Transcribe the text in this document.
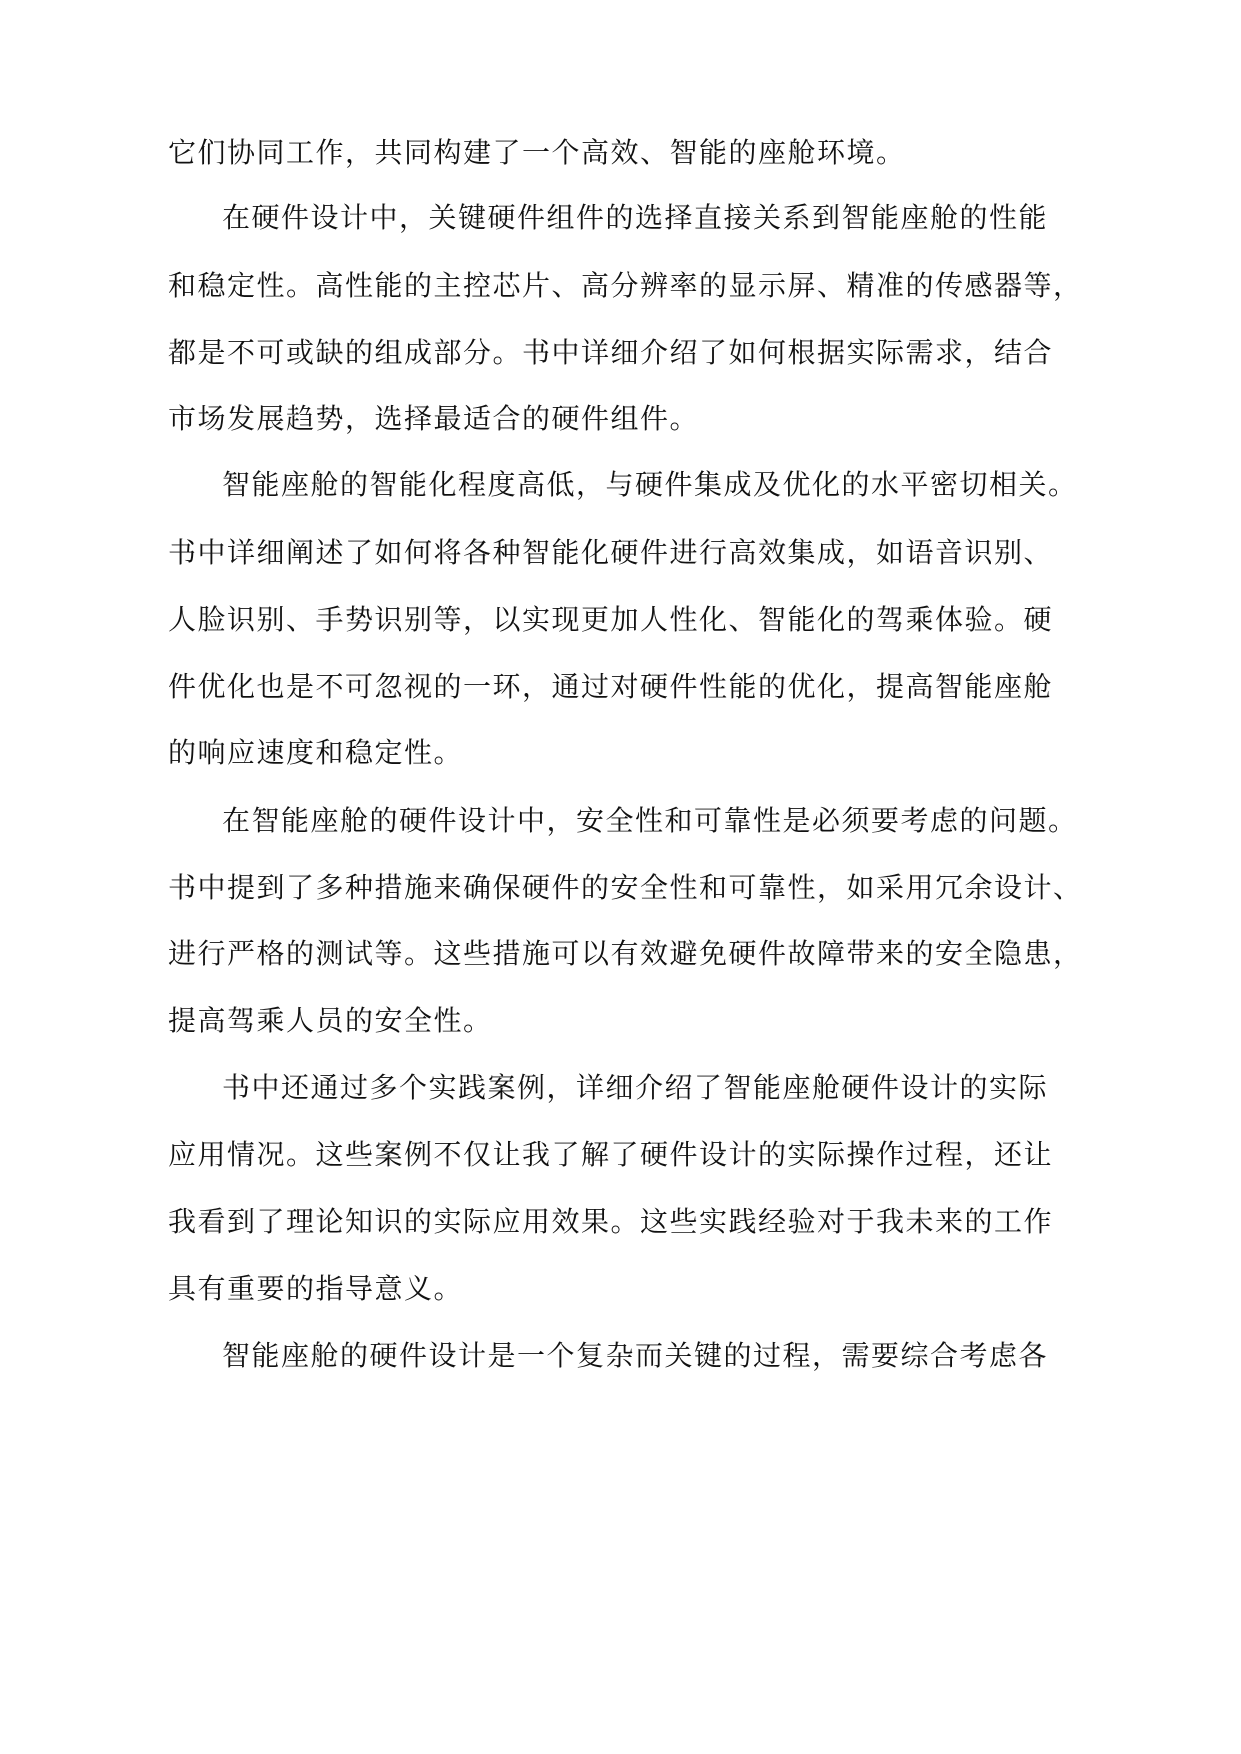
它们协同工作，共同构建了一个高效、智能的座舱环境。
在硬件设计中，关键硬件组件的选择直接关系到智能座舱的性能
和稳定性。高性能的主控芯片、高分辨率的显示屏、精准的传感器等，
都是不可或缺的组成部分。书中详细介绍了如何根据实际需求，结合
市场发展趋势，选择最适合的硬件组件。
智能座舱的智能化程度高低，与硬件集成及优化的水平密切相关。
书中详细阐述了如何将各种智能化硬件进行高效集成，如语音识别、
人脸识别、手势识别等，以实现更加人性化、智能化的驾乘体验。硬
件优化也是不可忽视的一环，通过对硬件性能的优化，提高智能座舱
的响应速度和稳定性。
在智能座舱的硬件设计中，安全性和可靠性是必须要考虑的问题。
书中提到了多种措施来确保硬件的安全性和可靠性，如采用冗余设计、
进行严格的测试等。这些措施可以有效避免硬件故障带来的安全隐患，
提高驾乘人员的安全性。
书中还通过多个实践案例，详细介绍了智能座舱硬件设计的实际
应用情况。这些案例不仅让我了解了硬件设计的实际操作过程，还让
我看到了理论知识的实际应用效果。这些实践经验对于我未来的工作
具有重要的指导意义。
智能座舱的硬件设计是一个复杂而关键的过程，需要综合考虑各
